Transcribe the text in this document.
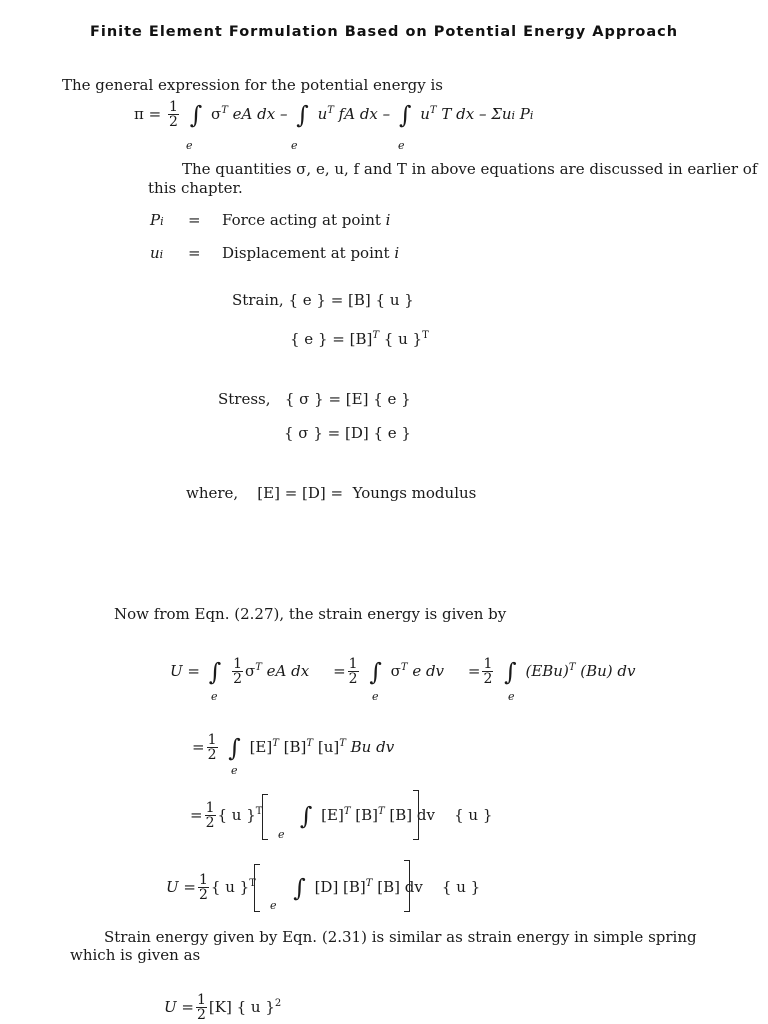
Finite Element Formulation Based on Potential Energy Approach
The general expression for the potential energy is
$\pi = \frac{1}{2}$ ∫ $\sigma^T$ eA dx – ∫ $u^T$ fA dx – ∫ $u^T$ T dx – Σui Pi
e	e	e
The quantities σ, e, u, f and T in above equations are discussed in earlier of
this chapter.
Pi = Force acting at point i
ui = Displacement at point i
Strain, { e } = [B] { u }
{ e } = $[B]^T$ { u }$^T$
Stress, { σ } = [E] { e }
{ σ } = [D] { e }
where, [E] = [D] = Youngs modulus
Now from Eqn. (2.27), the strain energy is given by
U = ∫ $\frac{1}{2} \sigma^T$ eA dx = $\frac{1}{2}$ ∫ $\sigma^T$ e dv = $\frac{1}{2}$ ∫ (EBu)$^T$ (Bu) dv
e	e	e
= $\frac{1}{2}$ ∫ $[E]^T$ $[B]^T$ $[u]^T$ Bu dv
e
= $\frac{1}{2}$ { u }$^T$ ∫ $[E]^T$ $[B]^T$ [B] dv { u }
e
$U = \frac{1}{2}$ { u }$^T$ ∫ [D] $[B]^T$ [B] dv { u }
e
Strain energy given by Eqn. (2.31) is similar as strain energy in simple spring
which is given as
$U = \frac{1}{2} [K]$ { u }$^2$
